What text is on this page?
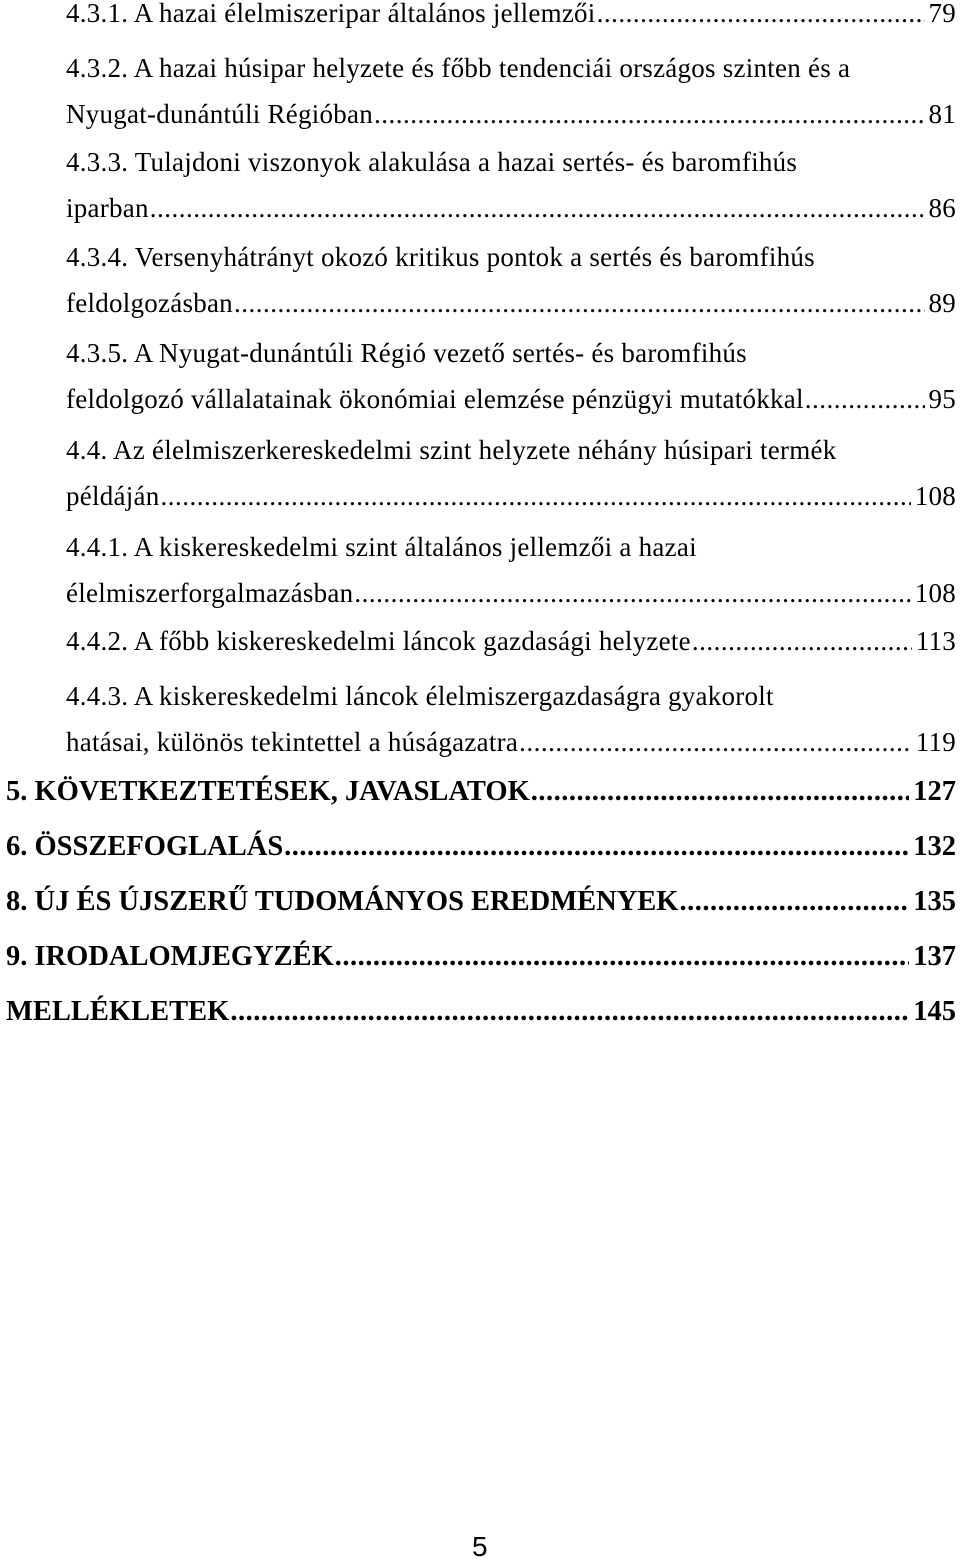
4.3.1. A hazai élelmiszeripar általános jellemzői .....	79
4.3.2. A hazai húsipar helyzete és főbb tendenciái országos szinten és a
Nyugat-dunántúli Régióban .....	81
4.3.3. Tulajdoni viszonyok alakulása a hazai sertés- és baromfihús
iparban .....	86
4.3.4. Versenyhátrányt okozó kritikus pontok a sertés és baromfihús
feldolgozásban .....	89
4.3.5. A Nyugat-dunántúli Régió vezető sertés- és baromfihús
feldolgozó vállalatainak ökonómiai elemzése pénzügyi mutatókkal .....	95
4.4. Az élelmiszerkereskedelmi szint helyzete néhány húsipari termék
példáján .....	108
4.4.1. A kiskereskedelmi szint általános jellemzői a hazai
élelmiszerforgalmazásban .....	108
4.4.2. A főbb kiskereskedelmi láncok gazdasági helyzete .....	113
4.4.3. A kiskereskedelmi láncok élelmiszergazdaságra gyakorolt
hatásai, különös tekintettel a húságazatra .....	119
5. KÖVETKEZTETÉSEK, JAVASLATOK .....	127
6. ÖSSZEFOGLALÁS .....	132
8. ÚJ ÉS ÚJSZERŰ TUDOMÁNYOS EREDMÉNYEK .....	135
9. IRODALOMJEGYZÉK .....	137
MELLÉKLETEK .....	145
5
